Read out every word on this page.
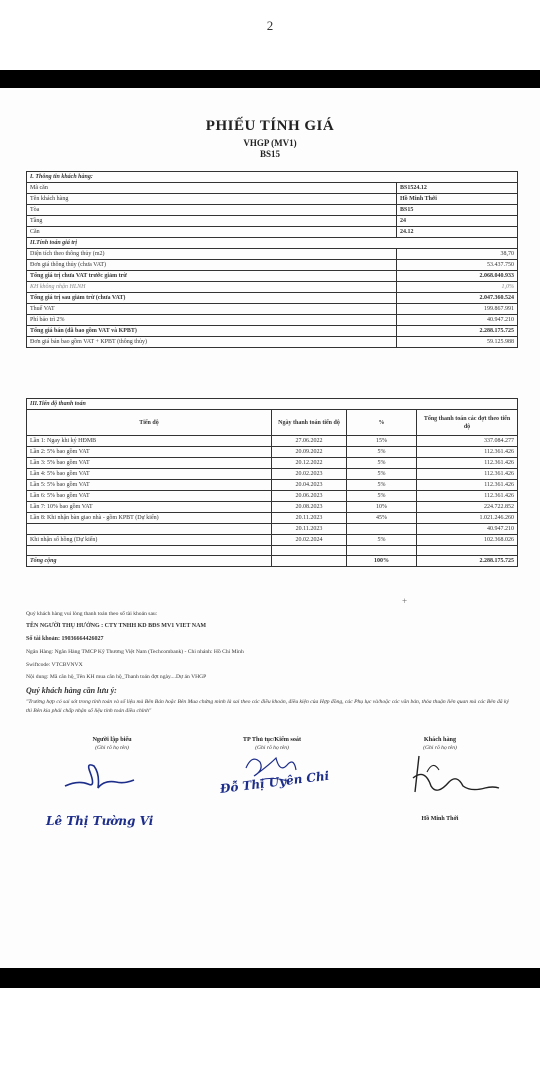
2
PHIẾU TÍNH GIÁ
VHGP (MV1)
BS15
I. Thông tin khách hàng:	
Mã căn	BS1524.12
Tên khách hàng	Hồ Minh Thới
Tòa	BS15
Tầng	24
Căn	24.12
II.Tính toán giá trị	
Diện tích theo thông thủy (m2)	38,70
Đơn giá thông thủy (chưa VAT)	53.437.750
Tổng giá trị chưa VAT trước giảm trừ	2.068.040.933
KH không nhận HLNH	1,0%
Tổng giá trị sau giảm trừ (chưa VAT)	2.047.360.524
Thuế VAT	199.867.991
Phí bảo trì 2%	40.947.210
Tổng giá bán (đã bao gồm VAT và KPBT)	2.288.175.725
Đơn giá bán bao gồm VAT + KPBT (thông thủy)	59.125.988
III.Tiến độ thanh toán			
Tiến độ	Ngày thanh toán tiến độ	%	Tổng thanh toán các đợt theo tiến độ
Lần 1: Ngay khi ký HĐMB	27.06.2022	15%	337.084.277
Lần 2: 5% bao gồm VAT	20.09.2022	5%	112.361.426
Lần 3: 5% bao gồm VAT	20.12.2022	5%	112.361.426
Lần 4: 5% bao gồm VAT	20.02.2023	5%	112.361.426
Lần 5: 5% bao gồm VAT	20.04.2023	5%	112.361.426
Lần 6: 5% bao gồm VAT	20.06.2023	5%	112.361.426
Lần 7: 10% bao gồm VAT	20.08.2023	10%	224.722.852
Lần 8: Khi nhận bàn giao nhà - gồm KPBT (Dự kiến)	20.11.2023	45%	1.021.246.260
	20.11.2023		40.947.210
Khi nhận số hồng (Dự kiến)	20.02.2024	5%	102.368.026

Tổng cộng		100%	2.288.175.725
+
Quý khách hàng vui lòng thanh toán theo số tài khoản sau:
TÊN NGƯỜI THỤ HƯỞNG : CTY TNHH KD BĐS MV1 VIET NAM
Số tài khoản: 19036664426027
Ngân Hàng: Ngân Hàng TMCP Kỹ Thương Việt Nam (Techcombank) - Chi nhánh: Hồ Chí Minh
Swiftcode: VTCBVNVX
Nội dung: Mã căn hộ_Tên KH mua căn hộ_Thanh toán đợt ngày....Dự án VHGP
Quý khách hàng cần lưu ý:
"Trường hợp có sai sót trong tính toán và số liệu mà Bên Bán hoặc Bên Mua chứng minh là sai theo các điều khoản, điều kiện của Hợp đồng, các Phụ lục và/hoặc các văn bản, thỏa thuận liên quan mà các Bên đã ký thì Bên kia phải chấp nhận số liệu tính toán điều chỉnh"
Người lập biểu
(Ghi rõ họ tên)
TP Thủ tục/Kiểm soát
(Ghi rõ họ tên)
Khách hàng
(Ghi rõ họ tên)
Lê Thị Tường Vi
Đỗ Thị Uyên Chi
Hồ Minh Thới
